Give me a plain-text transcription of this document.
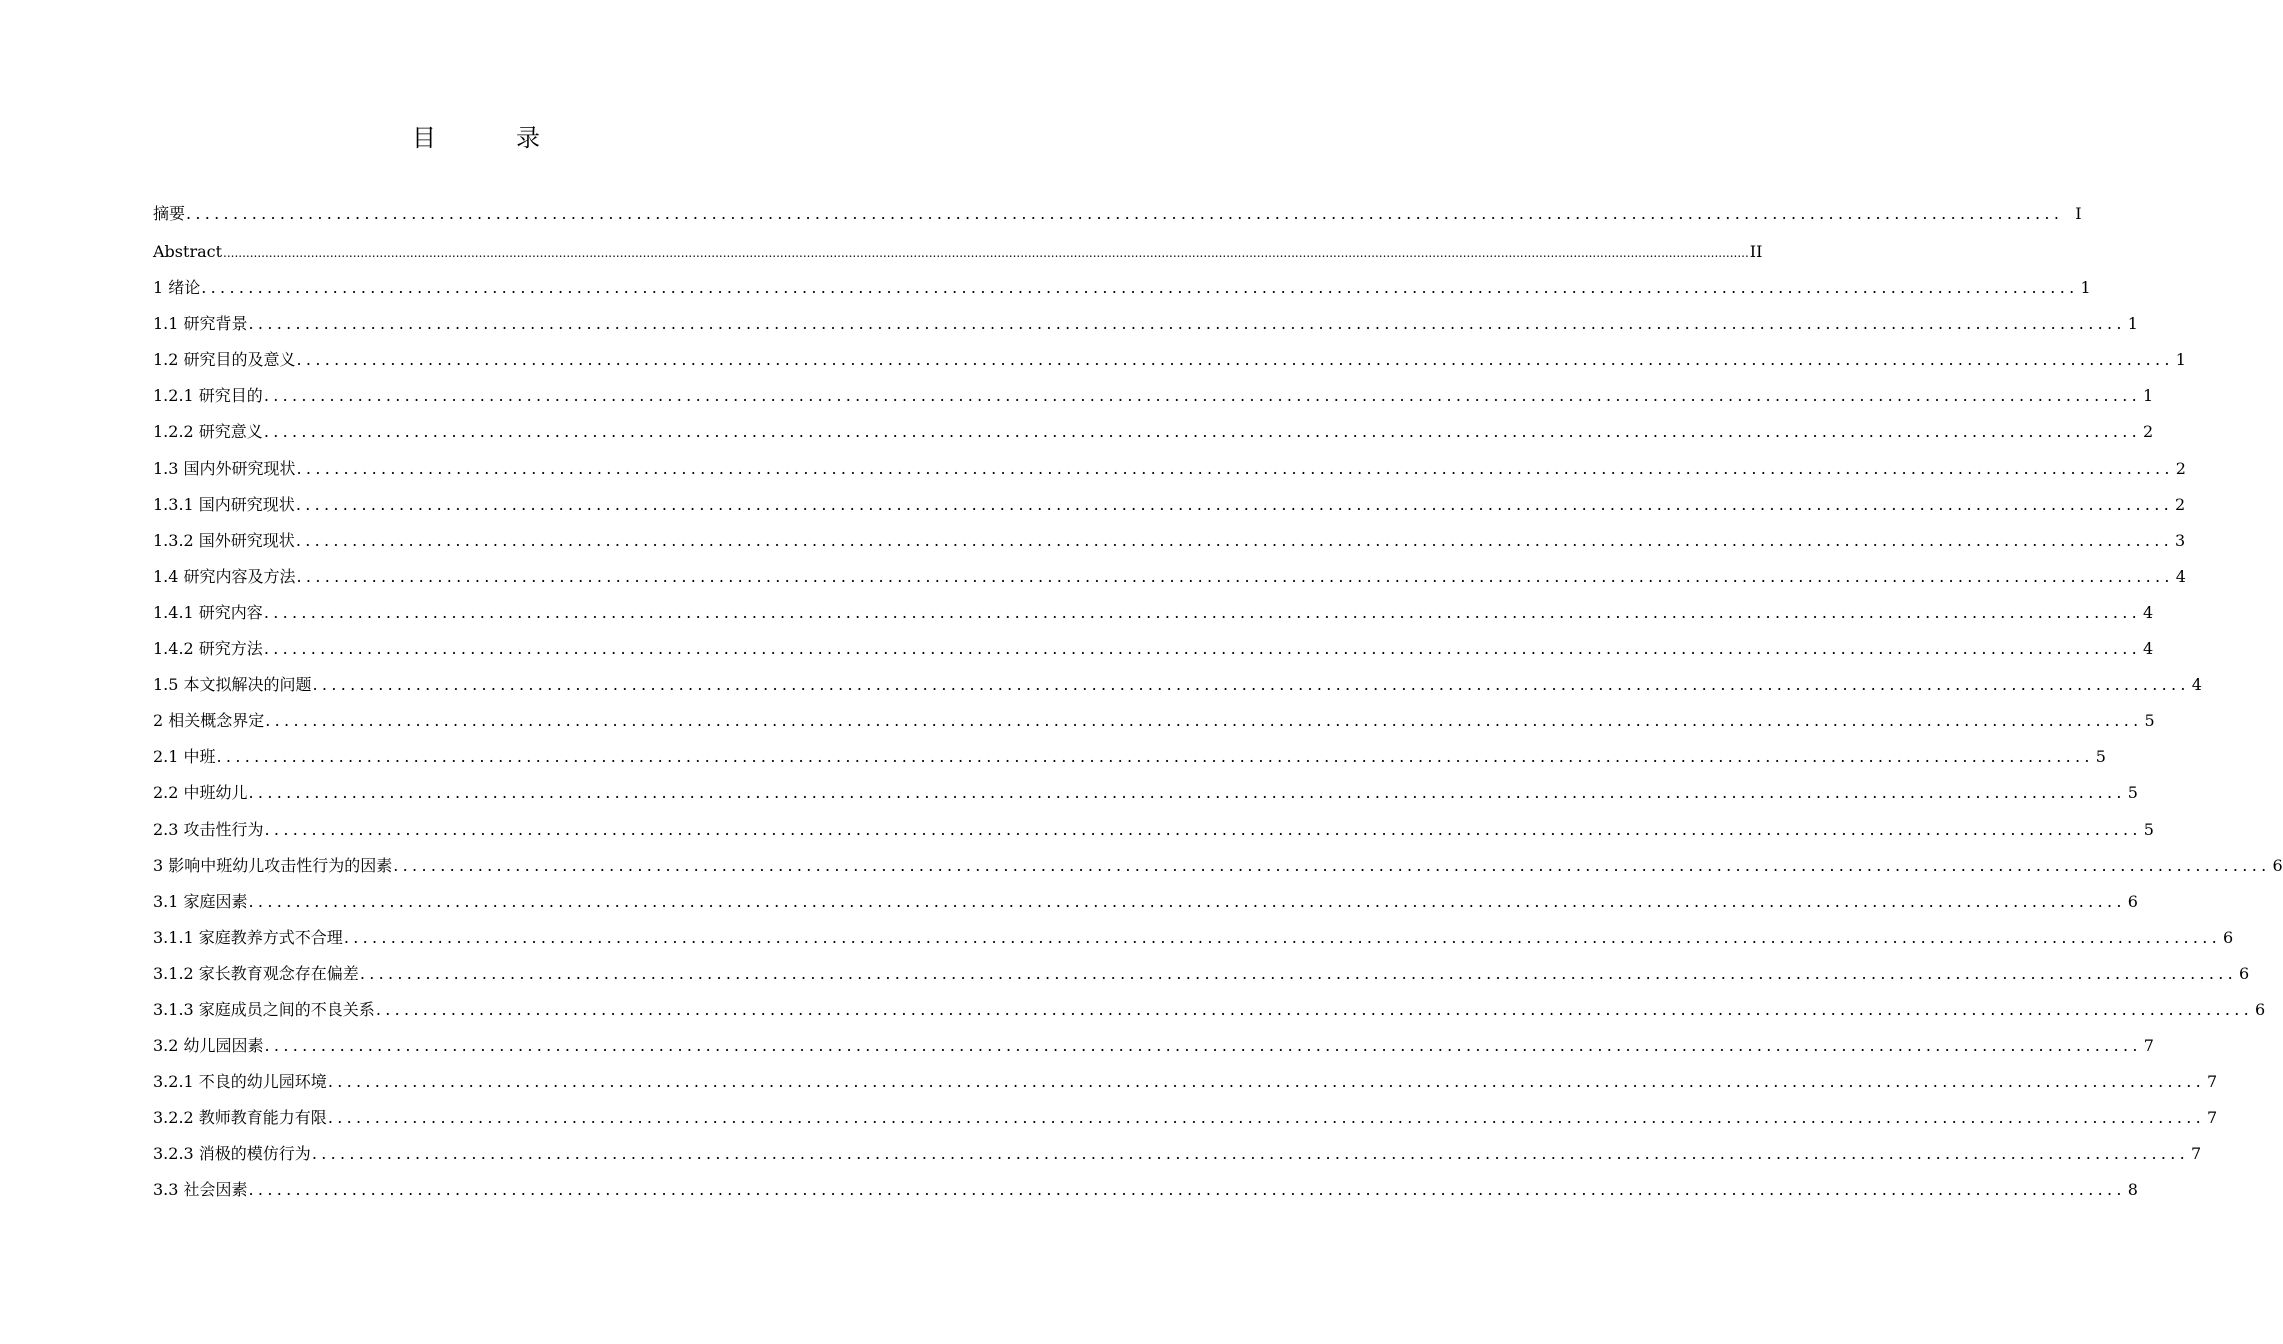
目　录
摘要 ........................................................................................................................................................................................................ I
Abstract ................................................................................................................................................................................................................................................................................................................................................................................................................ II
1 绪论 ........................................................................................................................................................................................................ 1
1.1 研究背景 ........................................................................................................................................................................................................ 1
1.2 研究目的及意义 ........................................................................................................................................................................................................ 1
1.2.1 研究目的 ........................................................................................................................................................................................................ 1
1.2.2 研究意义 ........................................................................................................................................................................................................ 2
1.3 国内外研究现状 ........................................................................................................................................................................................................ 2
1.3.1 国内研究现状 ........................................................................................................................................................................................................ 2
1.3.2 国外研究现状 ........................................................................................................................................................................................................ 3
1.4 研究内容及方法 ........................................................................................................................................................................................................ 4
1.4.1 研究内容 ........................................................................................................................................................................................................ 4
1.4.2 研究方法 ........................................................................................................................................................................................................ 4
1.5 本文拟解决的问题 ........................................................................................................................................................................................................ 4
2 相关概念界定 ........................................................................................................................................................................................................ 5
2.1 中班 ........................................................................................................................................................................................................ 5
2.2 中班幼儿 ........................................................................................................................................................................................................ 5
2.3 攻击性行为 ........................................................................................................................................................................................................ 5
3 影响中班幼儿攻击性行为的因素 ........................................................................................................................................................................................................ 6
3.1 家庭因素 ........................................................................................................................................................................................................ 6
3.1.1 家庭教养方式不合理 ........................................................................................................................................................................................................ 6
3.1.2 家长教育观念存在偏差 ........................................................................................................................................................................................................ 6
3.1.3 家庭成员之间的不良关系 ........................................................................................................................................................................................................ 6
3.2 幼儿园因素 ........................................................................................................................................................................................................ 7
3.2.1 不良的幼儿园环境 ........................................................................................................................................................................................................ 7
3.2.2 教师教育能力有限 ........................................................................................................................................................................................................ 7
3.2.3 消极的模仿行为 ........................................................................................................................................................................................................ 7
3.3 社会因素 ........................................................................................................................................................................................................ 8
